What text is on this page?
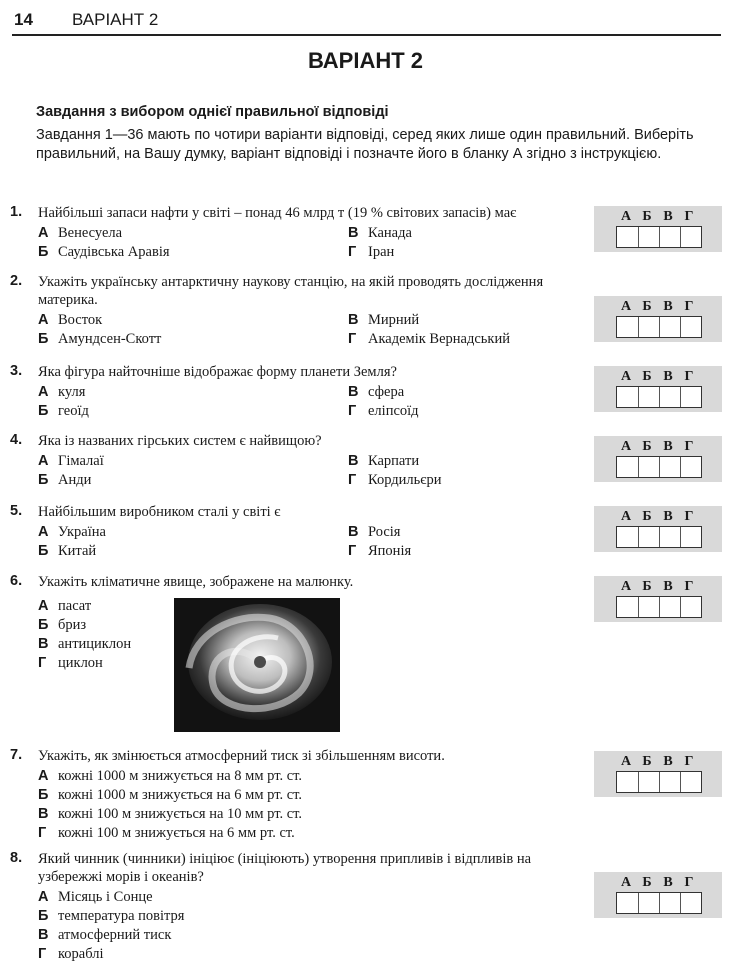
14 ВАРІАНТ 2
ВАРІАНТ 2
Завдання з вибором однієї правильної відповіді
Завдання 1—36 мають по чотири варіанти відповіді, серед яких лише один правильний. Виберіть правильний, на Вашу думку, варіант відповіді і позначте його в бланку А згідно з інструкцією.
1.	Найбільші запаси нафти у світі – понад 46 млрд т (19 % світових запасів) має
А Венесуела
Б Саудівська Аравія
В Канада
Г Іран
А Б В Г
2.	Укажіть українську антарктичну наукову станцію, на якій проводять дослідження материка.
А Восток
Б Амундсен-Скотт
В Мирний
Г Академік Вернадський
А Б В Г
3.	Яка фігура найточніше відображає форму планети Земля?
А куля
Б геоїд
В сфера
Г еліпсоїд
А Б В Г
4.	Яка із названих гірських систем є найвищою?
А Гімалаї
Б Анди
В Карпати
Г Кордильєри
А Б В Г
5.	Найбільшим виробником сталі у світі є
А Україна
Б Китай
В Росія
Г Японія
А Б В Г
6.	Укажіть кліматичне явище, зображене на малюнку.
А пасат
Б бриз
В антициклон
Г циклон
А Б В Г
7.	Укажіть, як змінюється атмосферний тиск зі збільшенням висоти.
А кожні 1000 м знижується на 8 мм рт. ст.
Б кожні 1000 м знижується на 6 мм рт. ст.
В кожні 100 м знижується на 10 мм рт. ст.
Г кожні 100 м знижується на 6 мм рт. ст.
А Б В Г
8.	Який чинник (чинники) ініціює (ініціюють) утворення припливів і відпливів на узбережжі морів і океанів?
А Місяць і Сонце
Б температура повітря
В атмосферний тиск
Г кораблі
А Б В Г
